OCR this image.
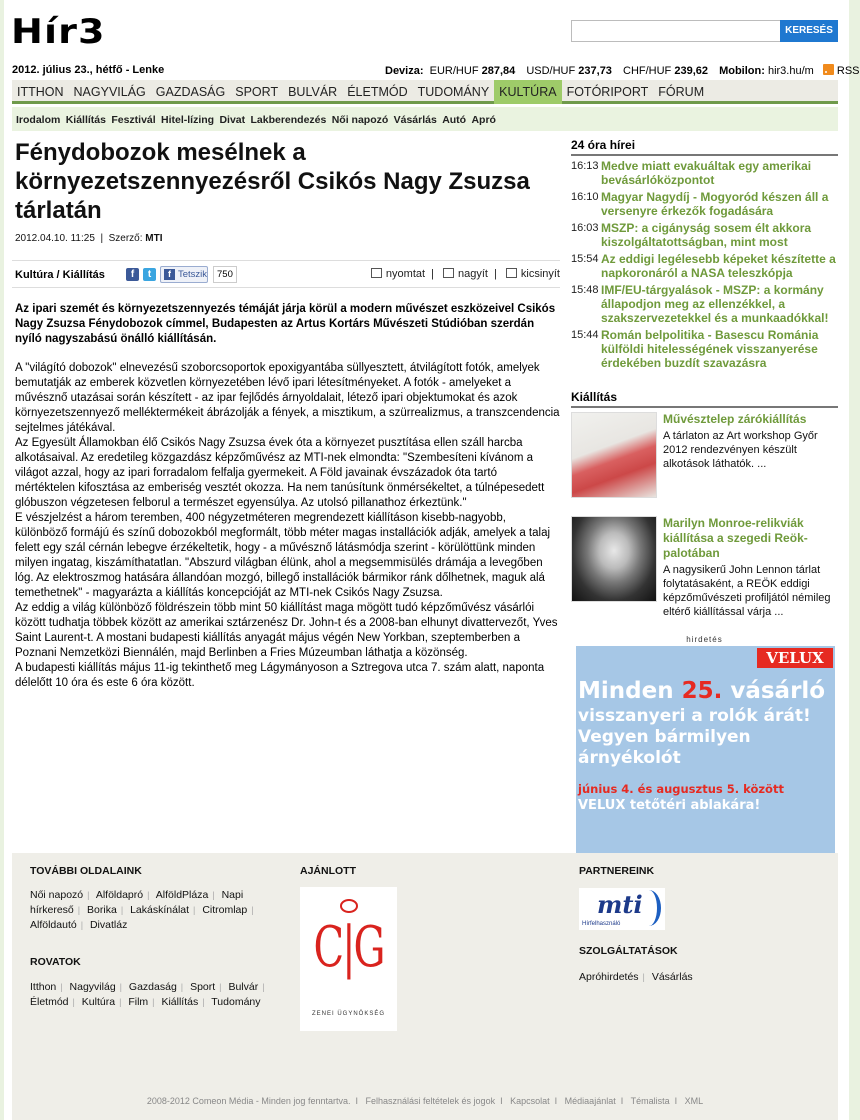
Hír3	KERESÉS
2012. július 23., hétfő - Lenke	Deviza: EUR/HUF 287,84 USD/HUF 237,73 CHF/HUF 239,62 Mobilon: hir3.hu/m RSS
ITTHON NAGYVILÁG GAZDASÁG SPORT BULVÁR ÉLETMÓD TUDOMÁNY KULTÚRA FOTÓRIPORT FÓRUM
Irodalom Kiállítás Fesztivál Hitel-lízing Divat Lakberendezés Női napozó Vásárlás Autó Apró
Fénydobozok mesélnek a környezetszennyezésről Csikós Nagy Zsuzsa tárlatán
2012.04.10. 11:25  |  Szerző: MTI
Kultúra / Kiállítás	f	t	f Tetszik	750	nyomtat | nagyít | kicsinyít

Az ipari szemét és környezetszennyezés témáját járja körül a modern művészet eszközeivel Csikós Nagy Zsuzsa Fénydobozok címmel, Budapesten az Artus Kortárs Művészeti Stúdióban szerdán nyíló nagyszabású önálló kiállításán.

A "világító dobozok" elnevezésű szoborcsoportok epoxigyantába süllyesztett, átvilágított fotók, amelyek bemutatják az emberek közvetlen környezetében lévő ipari létesítményeket. A fotók - amelyeket a művésznő utazásai során készített - az ipar fejlődés árnyoldalait, létező ipari objektumokat és azok környezetszennyező melléktermékeit ábrázolják a fények, a misztikum, a szürrealizmus, a transzcendencia sejtelmes játékával.

Az Egyesült Államokban élő Csikós Nagy Zsuzsa évek óta a környezet pusztítása ellen száll harcba alkotásaival. Az eredetileg közgazdász képzőművész az MTI-nek elmondta: "Szembesíteni kívánom a világot azzal, hogy az ipari forradalom felfalja gyermekeit. A Föld javainak évszázadok óta tartó mértéktelen kifosztása az emberiség vesztét okozza. Ha nem tanúsítunk önmérsékeltet, a túlnépesedett glóbuszon végzetesen felborul a természet egyensúlya. Az utolsó pillanathoz érkeztünk."

E vészjelzést a három teremben, 400 négyzetméteren megrendezett kiállításon kisebb-nagyobb, különböző formájú és színű dobozokból megformált, több méter magas installációk adják, amelyek a talaj felett egy szál cérnán lebegve érzékeltetik, hogy - a művésznő látásmódja szerint - körülöttünk minden milyen ingatag, kiszámíthatatlan. "Abszurd világban élünk, ahol a megsemmisülés drámája a levegőben lóg. Az elektroszmog hatására állandóan mozgó, billegő installációk bármikor ránk dőlhetnek, maguk alá temethetnek" - magyarázta a kiállítás koncepcióját az MTI-nek Csikós Nagy Zsuzsa.

Az eddig a világ különböző földrészein több mint 50 kiállítást maga mögött tudó képzőművész vásárlói között tudhatja többek között az amerikai sztárzenész Dr. John-t és a 2008-ban elhunyt divattervezőt, Yves Saint Laurent-t. A mostani budapesti kiállítás anyagát május végén New Yorkban, szeptemberben a Poznani Nemzetközi Biennálén, majd Berlinben a Fries Múzeumban láthatja a közönség.

A budapesti kiállítás május 11-ig tekinthető meg Lágymányoson a Sztregova utca 7. szám alatt, naponta délelőtt 10 óra és este 6 óra között.

24 óra hírei
16:13 Medve miatt evakuáltak egy amerikai bevásárlóközpontot
16:10 Magyar Nagydíj - Mogyoród készen áll a versenyre érkezők fogadására
16:03 MSZP: a cigányság sosem élt akkora kiszolgáltatottságban, mint most
15:54 Az eddigi legélesebb képeket készítette a napkoronáról a NASA teleszkópja
15:48 IMF/EU-tárgyalások - MSZP: a kormány állapodjon meg az ellenzékkel, a szakszervezetekkel és a munkaadókkal!
15:44 Román belpolitika - Basescu Románia külföldi hitelességének visszanyerése érdekében buzdít szavazásra
Kiállítás
Művésztelep zárókiállítás
A tárlaton az Art workshop Győr 2012 rendezvényen készült alkotások láthatók. ...
Marilyn Monroe-relikviák kiállítása a szegedi Reök-palotában
A nagysikerű John Lennon tárlat folytatásaként, a REÖK eddigi képzőművészeti profiljától némileg eltérő kiállítással várja ...
hirdetés
VELUX
Minden 25. vásárló
visszanyeri a rolók árát!
Vegyen bármilyen
árnyékolót
június 4. és augusztus 5. között
VELUX tetőtéri ablakára!
TOVÁBBI OLDALAINK
Női napozó | Alföldapró | AlföldPláza | Napi hírkereső | Borika | Lakáskínálat | Citromlap | Alföldautó | Divatláz
ROVATOK
Itthon | Nagyvilág | Gazdaság | Sport | Bulvár | Életmód | Kultúra | Film | Kiállítás | Tudomány
AJÁNLOTT
C|G
ZENEI ÜGYNÖKSÉG
PARTNEREINK
mti
Hírfelhasználó
SZOLGÁLTATÁSOK
Apróhirdetés | Vásárlás
2008-2012 Comeon Média - Minden jog fenntartva. I Felhasználási feltételek és jogok I Kapcsolat I Médiaajánlat I Témalista I XML
